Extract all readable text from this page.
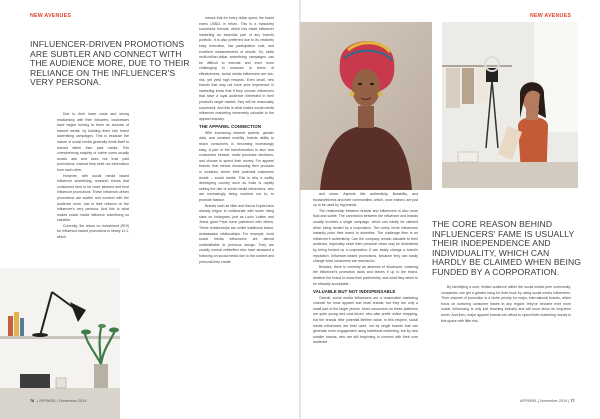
NEW AVENUES	NEW AVENUES
INFLUENCER-DRIVEN PROMOTIONS ARE SUBTLER AND CONNECT WITH THE AUDIENCE MORE, DUE TO THEIR RELIANCE ON THE INFLUENCER'S VERY PERSONA.

Due to their lower costs and strong relationship with their followers, businesses have begun turning to them as sources of earned media, by building them into brand advertising campaigns. This is because the nature of social media generally lends itself to earned rather than paid media. This overwhelming majority of online users usually avoids ads and does not trust paid promotions. Instead they seek out information from each other.

However, with social media based influencer advertising, research shows that consumers tend to be more pleased and trust influencer promotions. These influencer-driven promotions are subtler and connect with the audience more, due to their reliance on the influencer's very persona. And this is what makes social media influence advertising so valuable.

Currently, the return on investment (ROI) for influencer-based promotions is nearly 11:1, which

means that for every dollar spent, the brand earns US$11 in return. This is a massively successful formula, which has made influencer marketing an essential part of any brand's portfolio. It is also preferred due to its relatively easy execution, low participation cost, and excellent measurements of results. So, while multi-million-dollar advertising campaigns can be difficult to execute and even more challenging to measure in terms of effectiveness, social media influencers are low-risk, yet yield high rewards. Even small, new brands that may not have prior experience in marketing know that if they choose influencers that have a loyal audience interested in their product's target market, they will be reasonably successful. And this is what makes social media influencer marketing immensely valuable to the apparel industry.

THE APPAREL CONNECTION

With increasing internet speeds, greater data, and constant mobility, brands ability to reach consumers is becoming increasingly easy. A part of the transformation is also how consumers behave, make purchase decisions, and choose to spend their money. For apparel brands, that means showcasing their products in locations where their potential customers reside – social media. This is why a swiftly developing country such as India is rapidly seeing the rise of social media influencers, who are increasingly being reached out to, to promote fashion.

Brands such as Nike and Sauza Gupta have already begun to collaborate with some rising stars on Instagram, just as Louis Vuitton and Jeans giant Pepe have partnered with others. These relationships are unlike traditional brand-ambassador relationships. For example, most social media influencers are almost unidentifiable to previous design. They are usually normal celebrities who have amassed a following on social media due to the content and personal they create

and share. Aspects like authenticity, likeability, and trustworthiness and their communities, which, once trained, are just up to be used by big brands.

The relationship between brands and influencers is also more fluid and subtle. The connection between the influencer and brands usually involves a single campaign, which can hardly be claimed when being funded by a corporation. The overly niche influencers instantly point their brand to advertise. The challenge then is an influencer's authenticity. Can the company remain valuable to their audience, especially since their personal views may be diminished by being funded by a corporation. It can easily change a brand's reputation. Influencer-based promotions, because they can easily change what consumers are reached to.

Besides, there is currently an absence of disclosure, meaning the influencer's promotion lacks and leaves it up to the brand, whether the brand to show their partnership, and what they deem to be ethically acceptable.

VALUABLE BUT NOT INDISPENSABLE

Overall, social media influencers are a reasonable marketing channel for most apparel and retail brands, but they are only a small part of the larger picture. Most consumers on these platforms are quite young and cost-driven, who also prefer online shopping, but the brands their potential lifetime value. In this respect, social media influencers are best used, not by single brands that can generate more engagement using traditional marketing, but by new smaller brands, who are still beginning to connect with their core audience.

THE CORE REASON BEHIND INFLUENCERS' FAME IS USUALLY THEIR INDEPENDENCE AND INDIVIDUALITY, WHICH CAN HARDLY BE CLAIMED WHEN BEING FUNDED BY A CORPORATION.

By identifying a core, limited audience within the social media peer community, companies can get a greater bang for their buck by using social media influencers. Their channel of promotion is a niche priority for major, international brands, which focus on nurturing consumer bases in any regard: they've become ever more social, influencing is only just reaching industry and will soon show its long-term worth. And then, major apparel brands can afford to spend their marketing money in this space with little risk.

76 | APPAREL | November 2019	APPAREL | November 2019 | 77
